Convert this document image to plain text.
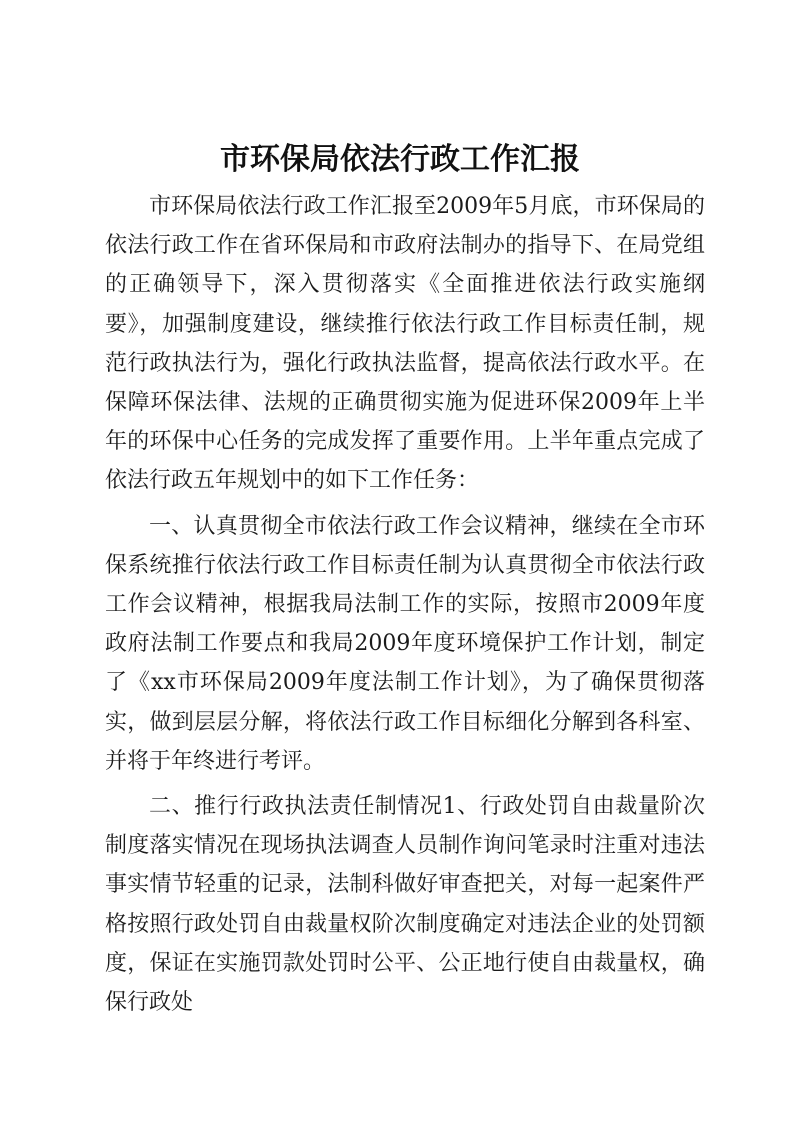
市环保局依法行政工作汇报

市环保局依法行政工作汇报至2009年5月底，市环保局的依法行政工作在省环保局和市政府法制办的指导下、在局党组的正确领导下，深入贯彻落实《全面推进依法行政实施纲要》，加强制度建设，继续推行依法行政工作目标责任制，规范行政执法行为，强化行政执法监督，提高依法行政水平。在保障环保法律、法规的正确贯彻实施为促进环保2009年上半年的环保中心任务的完成发挥了重要作用。上半年重点完成了依法行政五年规划中的如下工作任务：

一、认真贯彻全市依法行政工作会议精神，继续在全市环保系统推行依法行政工作目标责任制为认真贯彻全市依法行政工作会议精神，根据我局法制工作的实际，按照市2009年度政府法制工作要点和我局2009年度环境保护工作计划，制定了《xx市环保局2009年度法制工作计划》，为了确保贯彻落实，做到层层分解，将依法行政工作目标细化分解到各科室、并将于年终进行考评。

二、推行行政执法责任制情况1、行政处罚自由裁量阶次制度落实情况在现场执法调查人员制作询问笔录时注重对违法事实情节轻重的记录，法制科做好审查把关，对每一起案件严格按照行政处罚自由裁量权阶次制度确定对违法企业的处罚额度，保证在实施罚款处罚时公平、公正地行使自由裁量权，确保行政处
